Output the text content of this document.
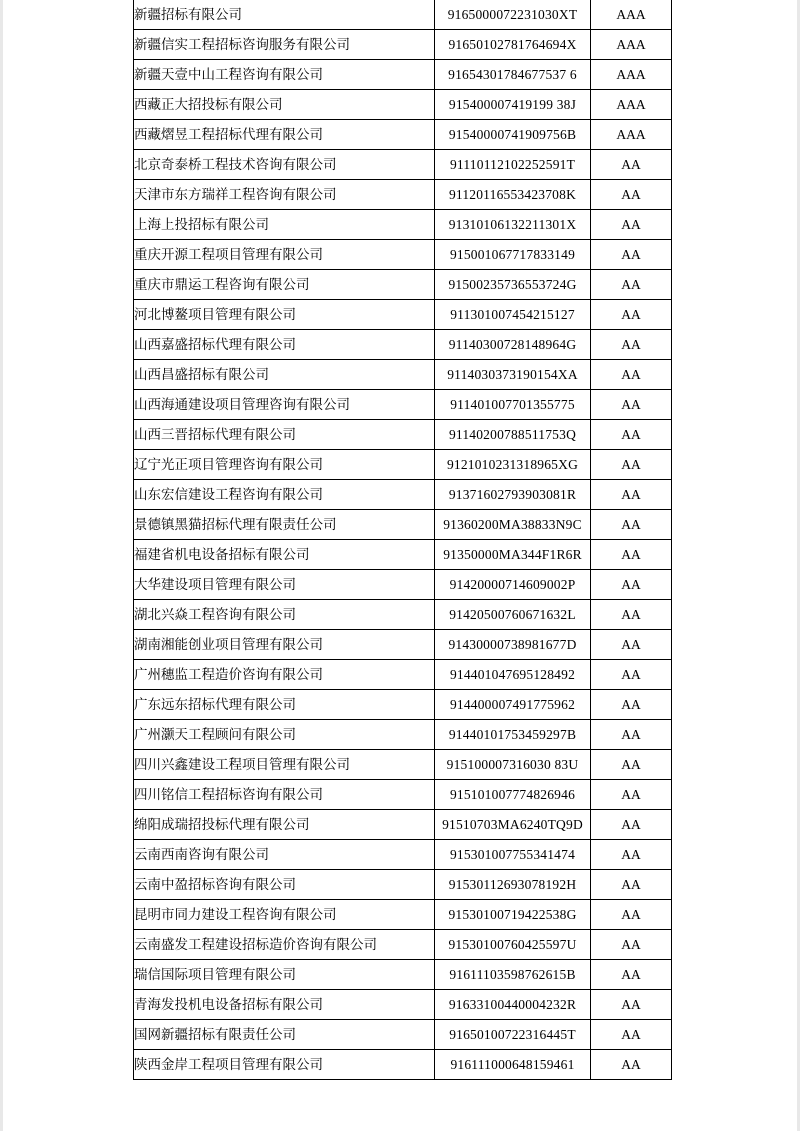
新疆招标有限公司	9165000072231030XT	AAA
新疆信实工程招标咨询服务有限公司	91650102781764694X	AAA
新疆天壹中山工程咨询有限公司	91654301784677537 6	AAA
西藏正大招投标有限公司	915400007419199 38J	AAA
西藏熠昱工程招标代理有限公司	91540000741909756B	AAA
北京奇泰桥工程技术咨询有限公司	91110112102252591T	AA
天津市东方瑞祥工程咨询有限公司	91120116553423708K	AA
上海上投招标有限公司	91310106132211301X	AA
重庆开源工程项目管理有限公司	915001067717833149	AA
重庆市鼎运工程咨询有限公司	91500235736553724G	AA
河北博鳌项目管理有限公司	911301007454215127	AA
山西嘉盛招标代理有限公司	91140300728148964G	AA
山西昌盛招标有限公司	9114030373190154XA	AA
山西海通建设项目管理咨询有限公司	911401007701355775	AA
山西三晋招标代理有限公司	91140200788511753Q	AA
辽宁光正项目管理咨询有限公司	9121010231318965XG	AA
山东宏信建设工程咨询有限公司	91371602793903081R	AA
景德镇黑猫招标代理有限责任公司	91360200MA38833N9C	AA
福建省机电设备招标有限公司	91350000MA344F1R6R	AA
大华建设项目管理有限公司	91420000714609002P	AA
湖北兴焱工程咨询有限公司	91420500760671632L	AA
湖南湘能创业项目管理有限公司	91430000738981677D	AA
广州穗监工程造价咨询有限公司	914401047695128492	AA
广东远东招标代理有限公司	914400007491775962	AA
广州灏天工程顾问有限公司	91440101753459297B	AA
四川兴鑫建设工程项目管理有限公司	915100007316030 83U	AA
四川铭信工程招标咨询有限公司	915101007774826946	AA
绵阳成瑞招投标代理有限公司	91510703MA6240TQ9D	AA
云南西南咨询有限公司	915301007755341474	AA
云南中盈招标咨询有限公司	91530112693078192H	AA
昆明市同力建设工程咨询有限公司	91530100719422538G	AA
云南盛发工程建设招标造价咨询有限公司	91530100760425597U	AA
瑞信国际项目管理有限公司	91611103598762615B	AA
青海发投机电设备招标有限公司	91633100440004232R	AA
国网新疆招标有限责任公司	91650100722316445T	AA
陕西金岸工程项目管理有限公司	916111000648159461	AA
